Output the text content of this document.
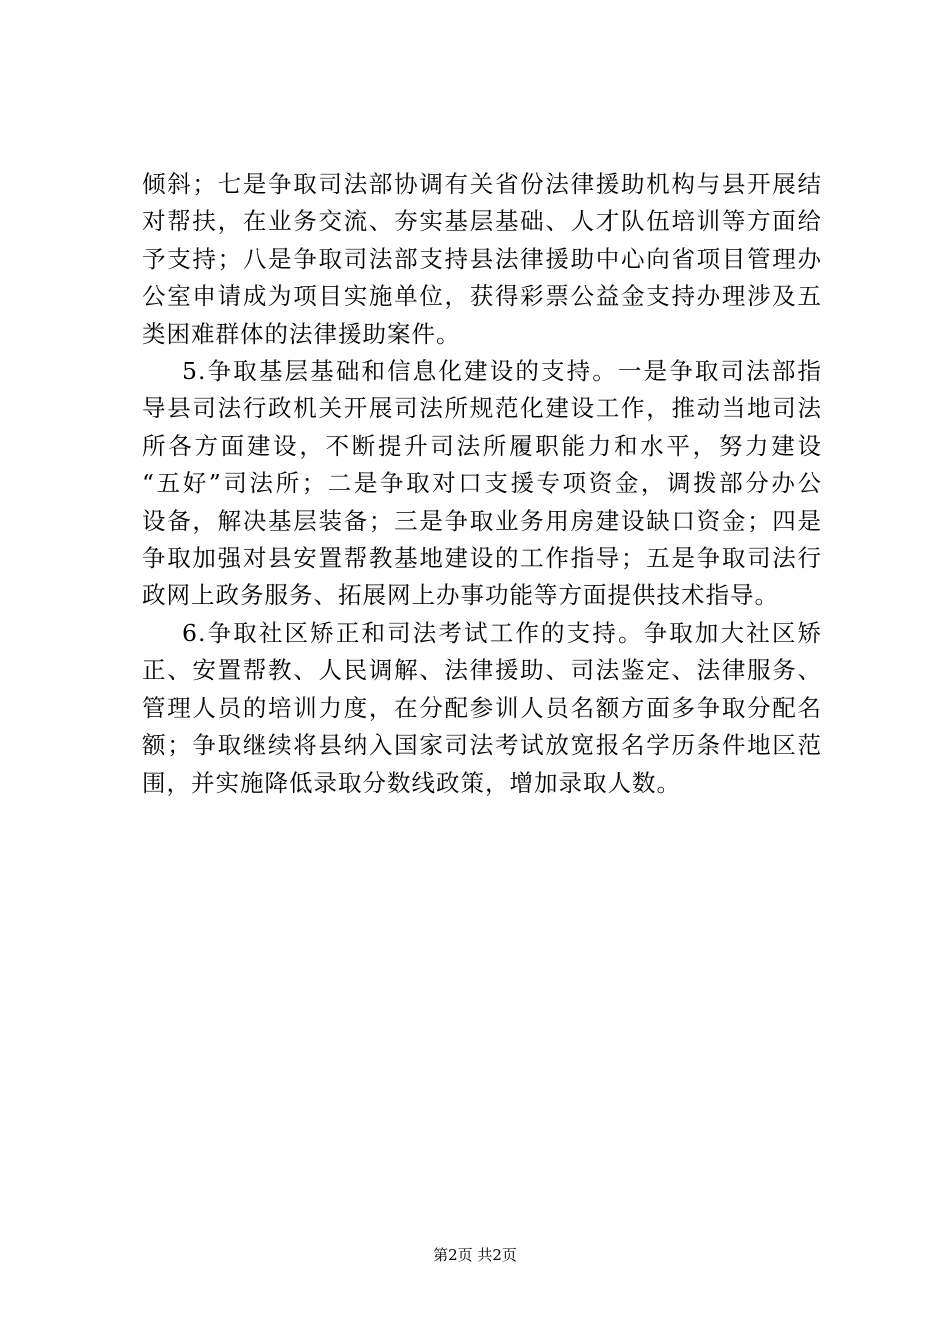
倾斜；七是争取司法部协调有关省份法律援助机构与县开展结
对帮扶，在业务交流、夯实基层基础、人才队伍培训等方面给
予支持；八是争取司法部支持县法律援助中心向省项目管理办
公室申请成为项目实施单位，获得彩票公益金支持办理涉及五
类困难群体的法律援助案件。

5.争取基层基础和信息化建设的支持。一是争取司法部指
导县司法行政机关开展司法所规范化建设工作，推动当地司法
所各方面建设，不断提升司法所履职能力和水平，努力建设
“五好”司法所；二是争取对口支援专项资金，调拨部分办公
设备，解决基层装备；三是争取业务用房建设缺口资金；四是
争取加强对县安置帮教基地建设的工作指导；五是争取司法行
政网上政务服务、拓展网上办事功能等方面提供技术指导。

6.争取社区矫正和司法考试工作的支持。争取加大社区矫
正、安置帮教、人民调解、法律援助、司法鉴定、法律服务、
管理人员的培训力度，在分配参训人员名额方面多争取分配名
额；争取继续将县纳入国家司法考试放宽报名学历条件地区范
围，并实施降低录取分数线政策，增加录取人数。

第2页 共2页
